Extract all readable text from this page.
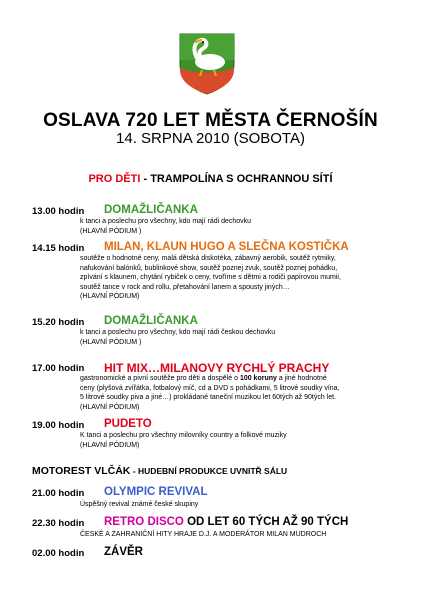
OSLAVA 720 LET MĚSTA ČERNOŠÍN
14. SRPNA 2010 (SOBOTA)
PRO DĚTI - TRAMPOLÍNA S OCHRANNOU SÍTÍ
13.00 hodin DOMAŽLIČANKA
k tanci a poslechu pro všechny, kdo mají rádi dechovku
(HLAVNÍ PÓDIUM )
14.15 hodin MILAN, KLAUN HUGO A SLEČNA KOSTIČKA
soutěže o hodnotné ceny, malá dětská diskotéka, zábavný aerobik, soutěž rytmiky,
nafukování balónků, bublinkové show, soutěž poznej zvuk, soutěž poznej pohádku,
zpívání s klaunem, chytání rybiček o ceny, tvoříme s dětmi a rodiči papírovou mumii,
soutěž tance v rock and rollu, přetahování lanem a spousty jiných…
(HLAVNÍ PÓDIUM)
15.20 hodin DOMAŽLIČANKA
k tanci a poslechu pro všechny, kdo mají rádi českou dechovku
(HLAVNÍ PÓDIUM )
17.00 hodin HIT MIX…MILANOVY RYCHLÝ PRACHY
gastronomické a pivní soutěže pro děti a dospělé o 100 koruny a jiné hodnotné
ceny (plyšová zvířátka, fotbalový míč, cd a DVD s pohádkami, 5 litrové soudky vína,
5 litrové soudky piva a jiné…) prokládané taneční muzikou let 60tých až 90tých let.
(HLAVNÍ PÓDIUM)
19.00 hodin PUDETO
K tanci a poslechu pro všechny milovníky country a folkové muziky
(HLAVNÍ PÓDIUM)
MOTOREST VLČÁK - HUDEBNÍ PRODUKCE UVNITŘ SÁLU
21.00 hodin OLYMPIC REVIVAL
Úspěšný revival známé české skupiny
22.30 hodin RETRO DISCO OD LET 60 TÝCH AŽ 90 TÝCH
ČESKÉ A ZAHRANIČNÍ HITY HRAJE D.J. A MODERÁTOR MILAN MUDROCH
02.00 hodin ZÁVĚR
